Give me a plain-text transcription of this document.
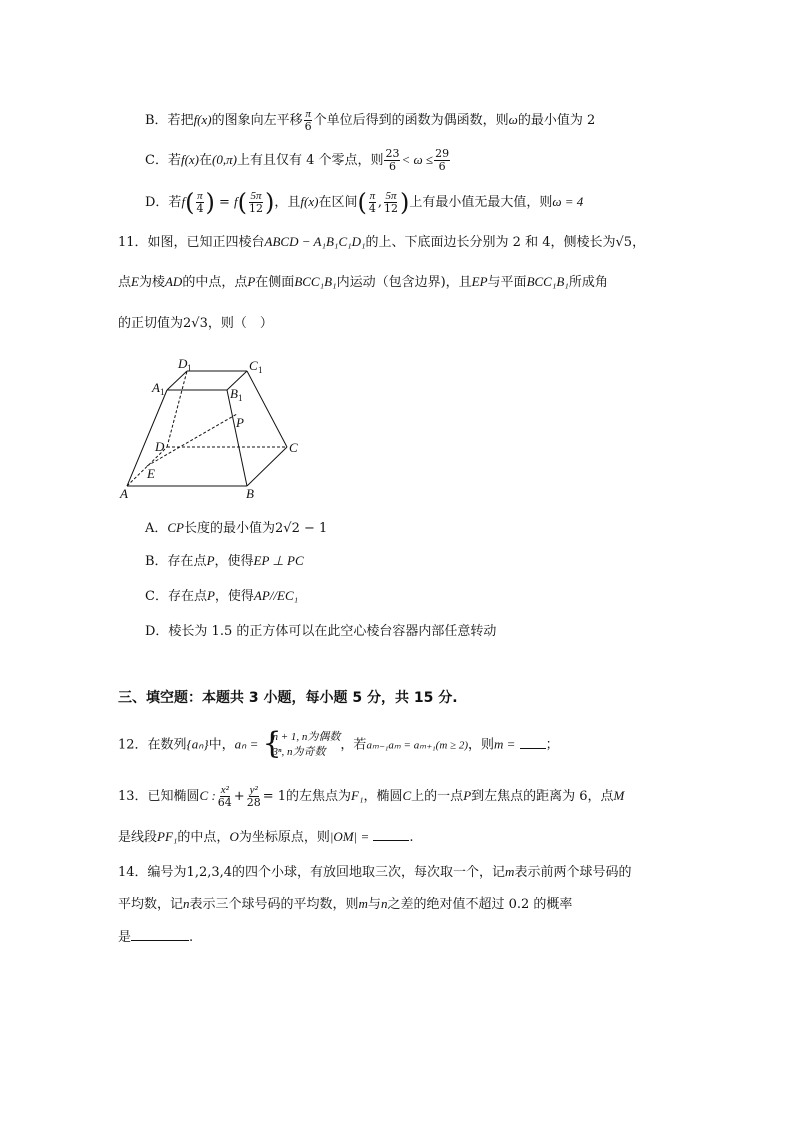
B．若把f(x)的图象向左平移 $\frac{\pi}{6}$ 个单位后得到的函数为偶函数，则ω的最小值为 2
C．若f(x)在(0,π)上有且仅有 4 个零点，则 $\frac{23}{6} < \omega \le \frac{29}{6}$
D．若$f( \frac{\pi}{4}$ ) = $f( \frac{5\pi}{12}$ )，且f(x)在区间( $\frac{\pi}{4}$ , $\frac{5\pi}{12}$ )上有最小值无最大值，则ω = 4
11．如图，已知正四棱台ABCD − A₁B₁C₁D₁的上、下底面边长分别为 2 和 4，侧棱长为√5，
点E为棱AD的中点，点P在侧面BCC₁B₁内运动（包含边界)，且EP与平面BCC₁B₁所成角
的正切值为2√3，则（　）
A	B
C
D
E
P
A 1	B 1
C 1
D 1
A．CP长度的最小值为2√2 − 1
B．存在点P，使得EP ⊥ PC
C．存在点P，使得AP//EC₁
D．棱长为 1.5 的正方体可以在此空心棱台容器内部任意转动
三、填空题：本题共 3 小题，每小题 5 分，共 15 分.
12．在数列{aₙ}中，aₙ = {
n + 1, n为偶数
3ⁿ, n为奇数	，若aₘ₋₁aₘ = aₘ₊₁(m ≥ 2)，则m = ；
13．已知椭圆C : $\frac{\text{x²}}{64} + \frac{\text{y²}}{28} = 1$的左焦点为F₁，椭圆C上的一点P到左焦点的距离为 6，点M
是线段PF₁的中点，O为坐标原点，则|OM| =	.
14．编号为1,2,3,4的四个小球，有放回地取三次，每次取一个，记m表示前两个球号码的
平均数，记n表示三个球号码的平均数，则m与n之差的绝对值不超过 0.2 的概率
是	.
